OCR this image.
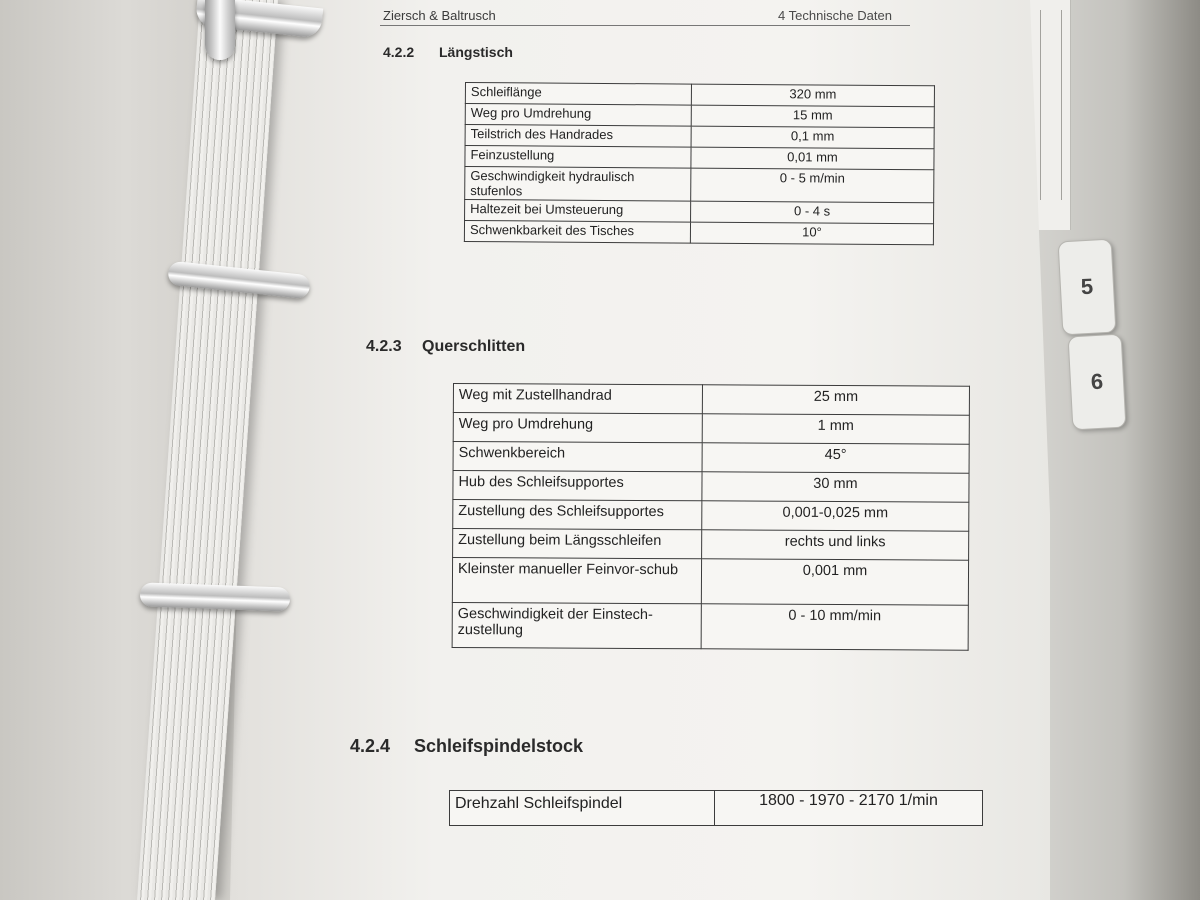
5
6
Ziersch & Baltrusch	4 Technische Daten
4.2.2 Längstisch
Schleiflänge	320 mm
Weg pro Umdrehung	15 mm
Teilstrich des Handrades	0,1 mm
Feinzustellung	0,01 mm
Geschwindigkeit hydraulisch stufenlos	0 - 5 m/min
Haltezeit bei Umsteuerung	0 - 4 s
Schwenkbarkeit des Tisches	10°
4.2.3 Querschlitten
Weg mit Zustellhandrad	25 mm
Weg pro Umdrehung	1 mm
Schwenkbereich	45°
Hub des Schleifsupportes	30 mm
Zustellung des Schleifsupportes	0,001-0,025 mm
Zustellung beim Längsschleifen	rechts und links
Kleinster manueller Feinvor-schub	0,001 mm
Geschwindigkeit der Einstech-zustellung	0 - 10 mm/min
4.2.4 Schleifspindelstock
Drehzahl Schleifspindel	1800 - 1970 - 2170 1/min
